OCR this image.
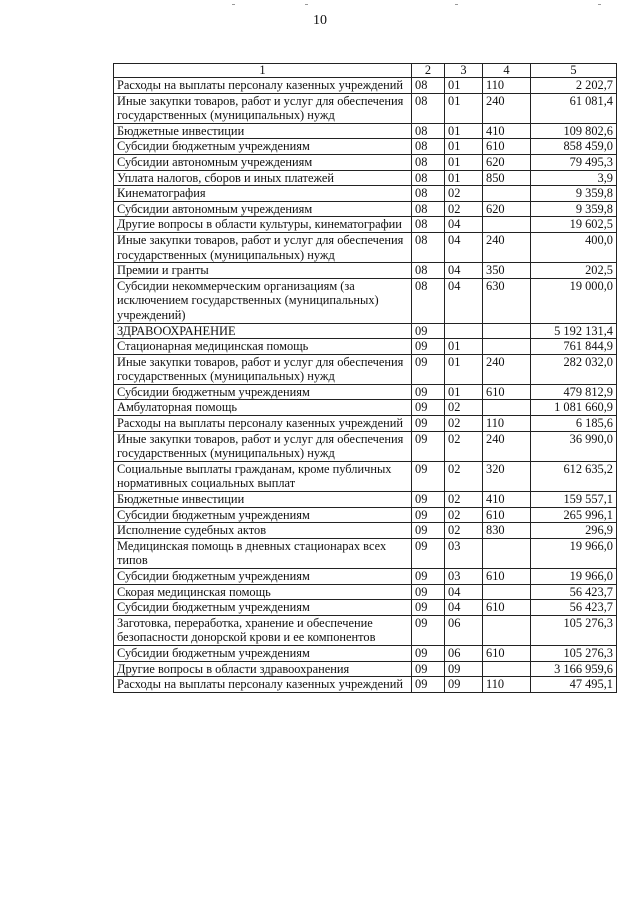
10
1	2	3	4	5
Расходы на выплаты персоналу казенных учреждений	08	01	110	2 202,7
Иные закупки товаров, работ и услуг для обеспечения государственных (муниципальных) нужд	08	01	240	61 081,4
Бюджетные инвестиции	08	01	410	109 802,6
Субсидии бюджетным учреждениям	08	01	610	858 459,0
Субсидии автономным учреждениям	08	01	620	79 495,3
Уплата налогов, сборов и иных платежей	08	01	850	3,9
Кинематография	08	02		9 359,8
Субсидии автономным учреждениям	08	02	620	9 359,8
Другие вопросы в области культуры, кинематографии	08	04		19 602,5
Иные закупки товаров, работ и услуг для обеспечения государственных (муниципальных) нужд	08	04	240	400,0
Премии и гранты	08	04	350	202,5
Субсидии некоммерческим организациям (за исключением государственных (муниципальных) учреждений)	08	04	630	19 000,0
ЗДРАВООХРАНЕНИЕ	09			5 192 131,4
Стационарная медицинская помощь	09	01		761 844,9
Иные закупки товаров, работ и услуг для обеспечения государственных (муниципальных) нужд	09	01	240	282 032,0
Субсидии бюджетным учреждениям	09	01	610	479 812,9
Амбулаторная помощь	09	02		1 081 660,9
Расходы на выплаты персоналу казенных учреждений	09	02	110	6 185,6
Иные закупки товаров, работ и услуг для обеспечения государственных (муниципальных) нужд	09	02	240	36 990,0
Социальные выплаты гражданам, кроме публичных нормативных социальных выплат	09	02	320	612 635,2
Бюджетные инвестиции	09	02	410	159 557,1
Субсидии бюджетным учреждениям	09	02	610	265 996,1
Исполнение судебных актов	09	02	830	296,9
Медицинская помощь в дневных стационарах всех типов	09	03		19 966,0
Субсидии бюджетным учреждениям	09	03	610	19 966,0
Скорая медицинская помощь	09	04		56 423,7
Субсидии бюджетным учреждениям	09	04	610	56 423,7
Заготовка, переработка, хранение и обеспечение безопасности донорской крови и ее компонентов	09	06		105 276,3
Субсидии бюджетным учреждениям	09	06	610	105 276,3
Другие вопросы в области здравоохранения	09	09		3 166 959,6
Расходы на выплаты персоналу казенных учреждений	09	09	110	47 495,1
